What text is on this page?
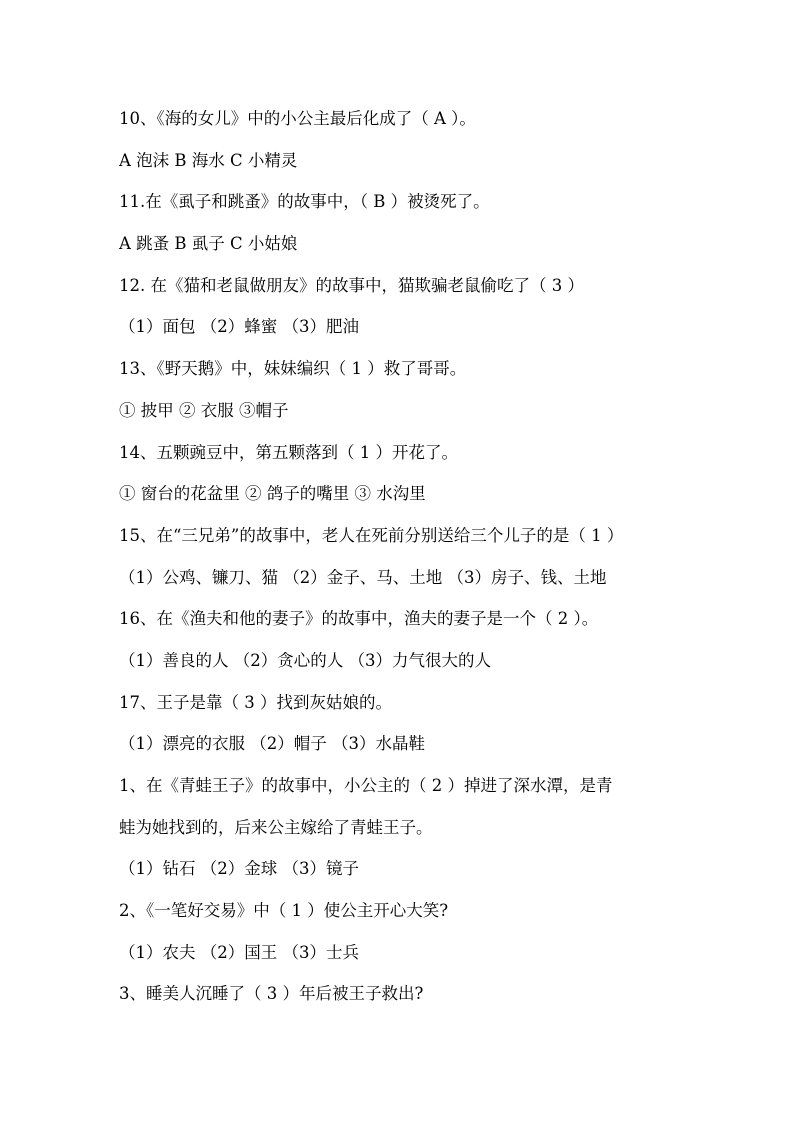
10、《海的女儿》中的小公主最后化成了（ A ）。
A 泡沫 B 海水 C 小精灵
11.在《虱子和跳蚤》的故事中，（ B ）被烫死了。
A 跳蚤 B 虱子 C 小姑娘
12. 在《猫和老鼠做朋友》的故事中，猫欺骗老鼠偷吃了（ 3 ）
（1）面包 （2）蜂蜜 （3）肥油
13、《野天鹅》中，妹妹编织（ 1 ）救了哥哥。
① 披甲 ② 衣服 ③帽子
14、五颗豌豆中，第五颗落到（ 1 ）开花了。
① 窗台的花盆里 ② 鸽子的嘴里 ③ 水沟里
15、在“三兄弟”的故事中，老人在死前分别送给三个儿子的是（ 1 ）
（1）公鸡、镰刀、猫 （2）金子、马、土地 （3）房子、钱、土地
16、在《渔夫和他的妻子》的故事中，渔夫的妻子是一个（ 2 ）。
（1）善良的人 （2）贪心的人 （3）力气很大的人
17、王子是靠（ 3 ）找到灰姑娘的。
（1）漂亮的衣服 （2）帽子 （3）水晶鞋
1、在《青蛙王子》的故事中，小公主的（ 2 ）掉进了深水潭，是青
蛙为她找到的，后来公主嫁给了青蛙王子。
（1）钻石 （2）金球 （3）镜子
2、《一笔好交易》中（ 1 ）使公主开心大笑?
（1）农夫 （2）国王 （3）士兵
3、睡美人沉睡了（ 3 ）年后被王子救出?
